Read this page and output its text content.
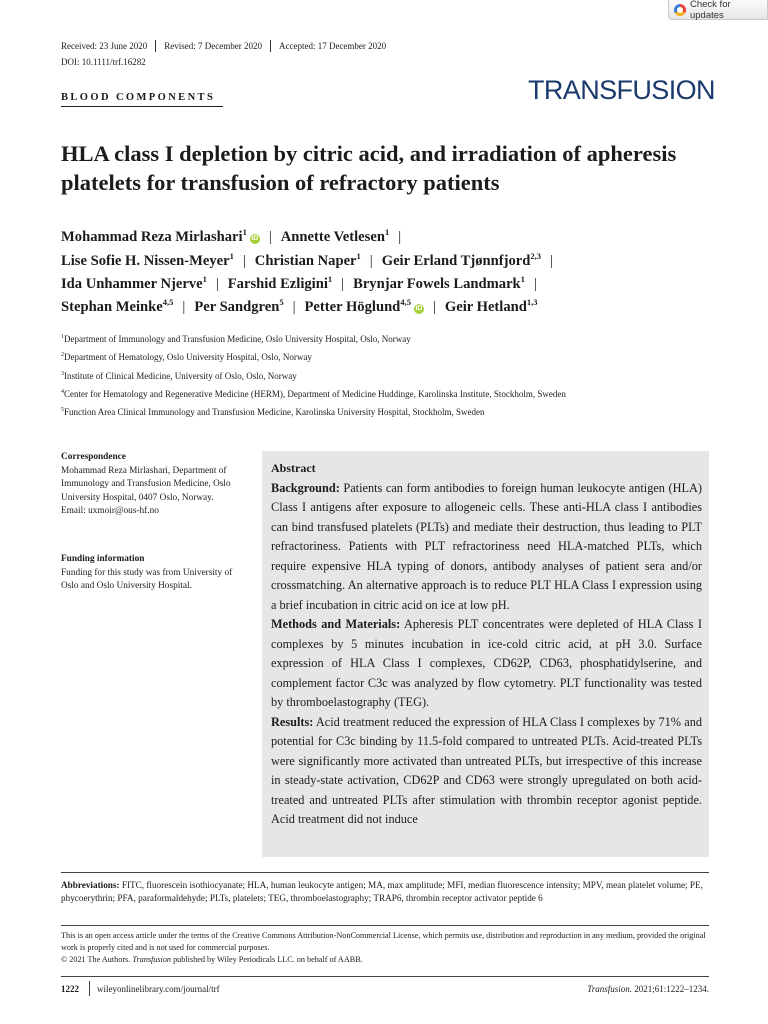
Check for updates
Received: 23 June 2020 Revised: 7 December 2020 Accepted: 17 December 2020
DOI: 10.1111/trf.16282
BLOOD COMPONENTS	TRANSFUSION
HLA class I depletion by citric acid, and irradiation of apheresis platelets for transfusion of refractory patients
Mohammad Reza Mirlashari$^1$iD | Annette Vetlesen$^1$ |
Lise Sofie H. Nissen-Meyer$^1$ | Christian Naper$^1$ | Geir Erland Tjønnfjord$^{2,3}$ |
Ida Unhammer Njerve$^1$ | Farshid Ezligini$^1$ | Brynjar Fowels Landmark$^1$ |
Stephan Meinke$^{4,5}$ | Per Sandgren$^5$ | Petter Höglund$^{4,5}$iD | Geir Hetland$^{1,3}$
$^1$Department of Immunology and Transfusion Medicine, Oslo University Hospital, Oslo, Norway
$^2$Department of Hematology, Oslo University Hospital, Oslo, Norway
$^3$Institute of Clinical Medicine, University of Oslo, Oslo, Norway
$^4$Center for Hematology and Regenerative Medicine (HERM), Department of Medicine Huddinge, Karolinska Institute, Stockholm, Sweden
$^5$Function Area Clinical Immunology and Transfusion Medicine, Karolinska University Hospital, Stockholm, Sweden
Correspondence
Mohammad Reza Mirlashari, Department of Immunology and Transfusion Medicine, Oslo University Hospital, 0407 Oslo, Norway.
Email: uxmoir@ous-hf.no
Funding information
Funding for this study was from University of Oslo and Oslo University Hospital.
Abstract

Background: Patients can form antibodies to foreign human leukocyte antigen (HLA) Class I antigens after exposure to allogeneic cells. These anti-HLA class I antibodies can bind transfused platelets (PLTs) and mediate their destruction, thus leading to PLT refractoriness. Patients with PLT refractoriness need HLA-matched PLTs, which require expensive HLA typing of donors, antibody analyses of patient sera and/or crossmatching. An alternative approach is to reduce PLT HLA Class I expression using a brief incubation in citric acid on ice at low pH.

Methods and Materials: Apheresis PLT concentrates were depleted of HLA Class I complexes by 5 minutes incubation in ice-cold citric acid, at pH 3.0. Surface expression of HLA Class I complexes, CD62P, CD63, phosphatidylserine, and complement factor C3c was analyzed by flow cytometry. PLT functionality was tested by thromboelastography (TEG).

Results: Acid treatment reduced the expression of HLA Class I complexes by 71% and potential for C3c binding by 11.5-fold compared to untreated PLTs. Acid-treated PLTs were significantly more activated than untreated PLTs, but irrespective of this increase in steady-state activation, CD62P and CD63 were strongly upregulated on both acid-treated and untreated PLTs after stimulation with thrombin receptor agonist peptide. Acid treatment did not induce

Abbreviations: FITC, fluorescein isothiocyanate; HLA, human leukocyte antigen; MA, max amplitude; MFI, median fluorescence intensity; MPV, mean platelet volume; PE, phycoerythrin; PFA, paraformaldehyde; PLTs, platelets; TEG, thromboelastography; TRAP6, thrombin receptor activator peptide 6
This is an open access article under the terms of the Creative Commons Attribution-NonCommercial License, which permits use, distribution and reproduction in any medium, provided the original work is properly cited and is not used for commercial purposes.
© 2021 The Authors. Transfusion published by Wiley Periodicals LLC. on behalf of AABB.
1222 wileyonlinelibrary.com/journal/trf	Transfusion. 2021;61:1222–1234.
